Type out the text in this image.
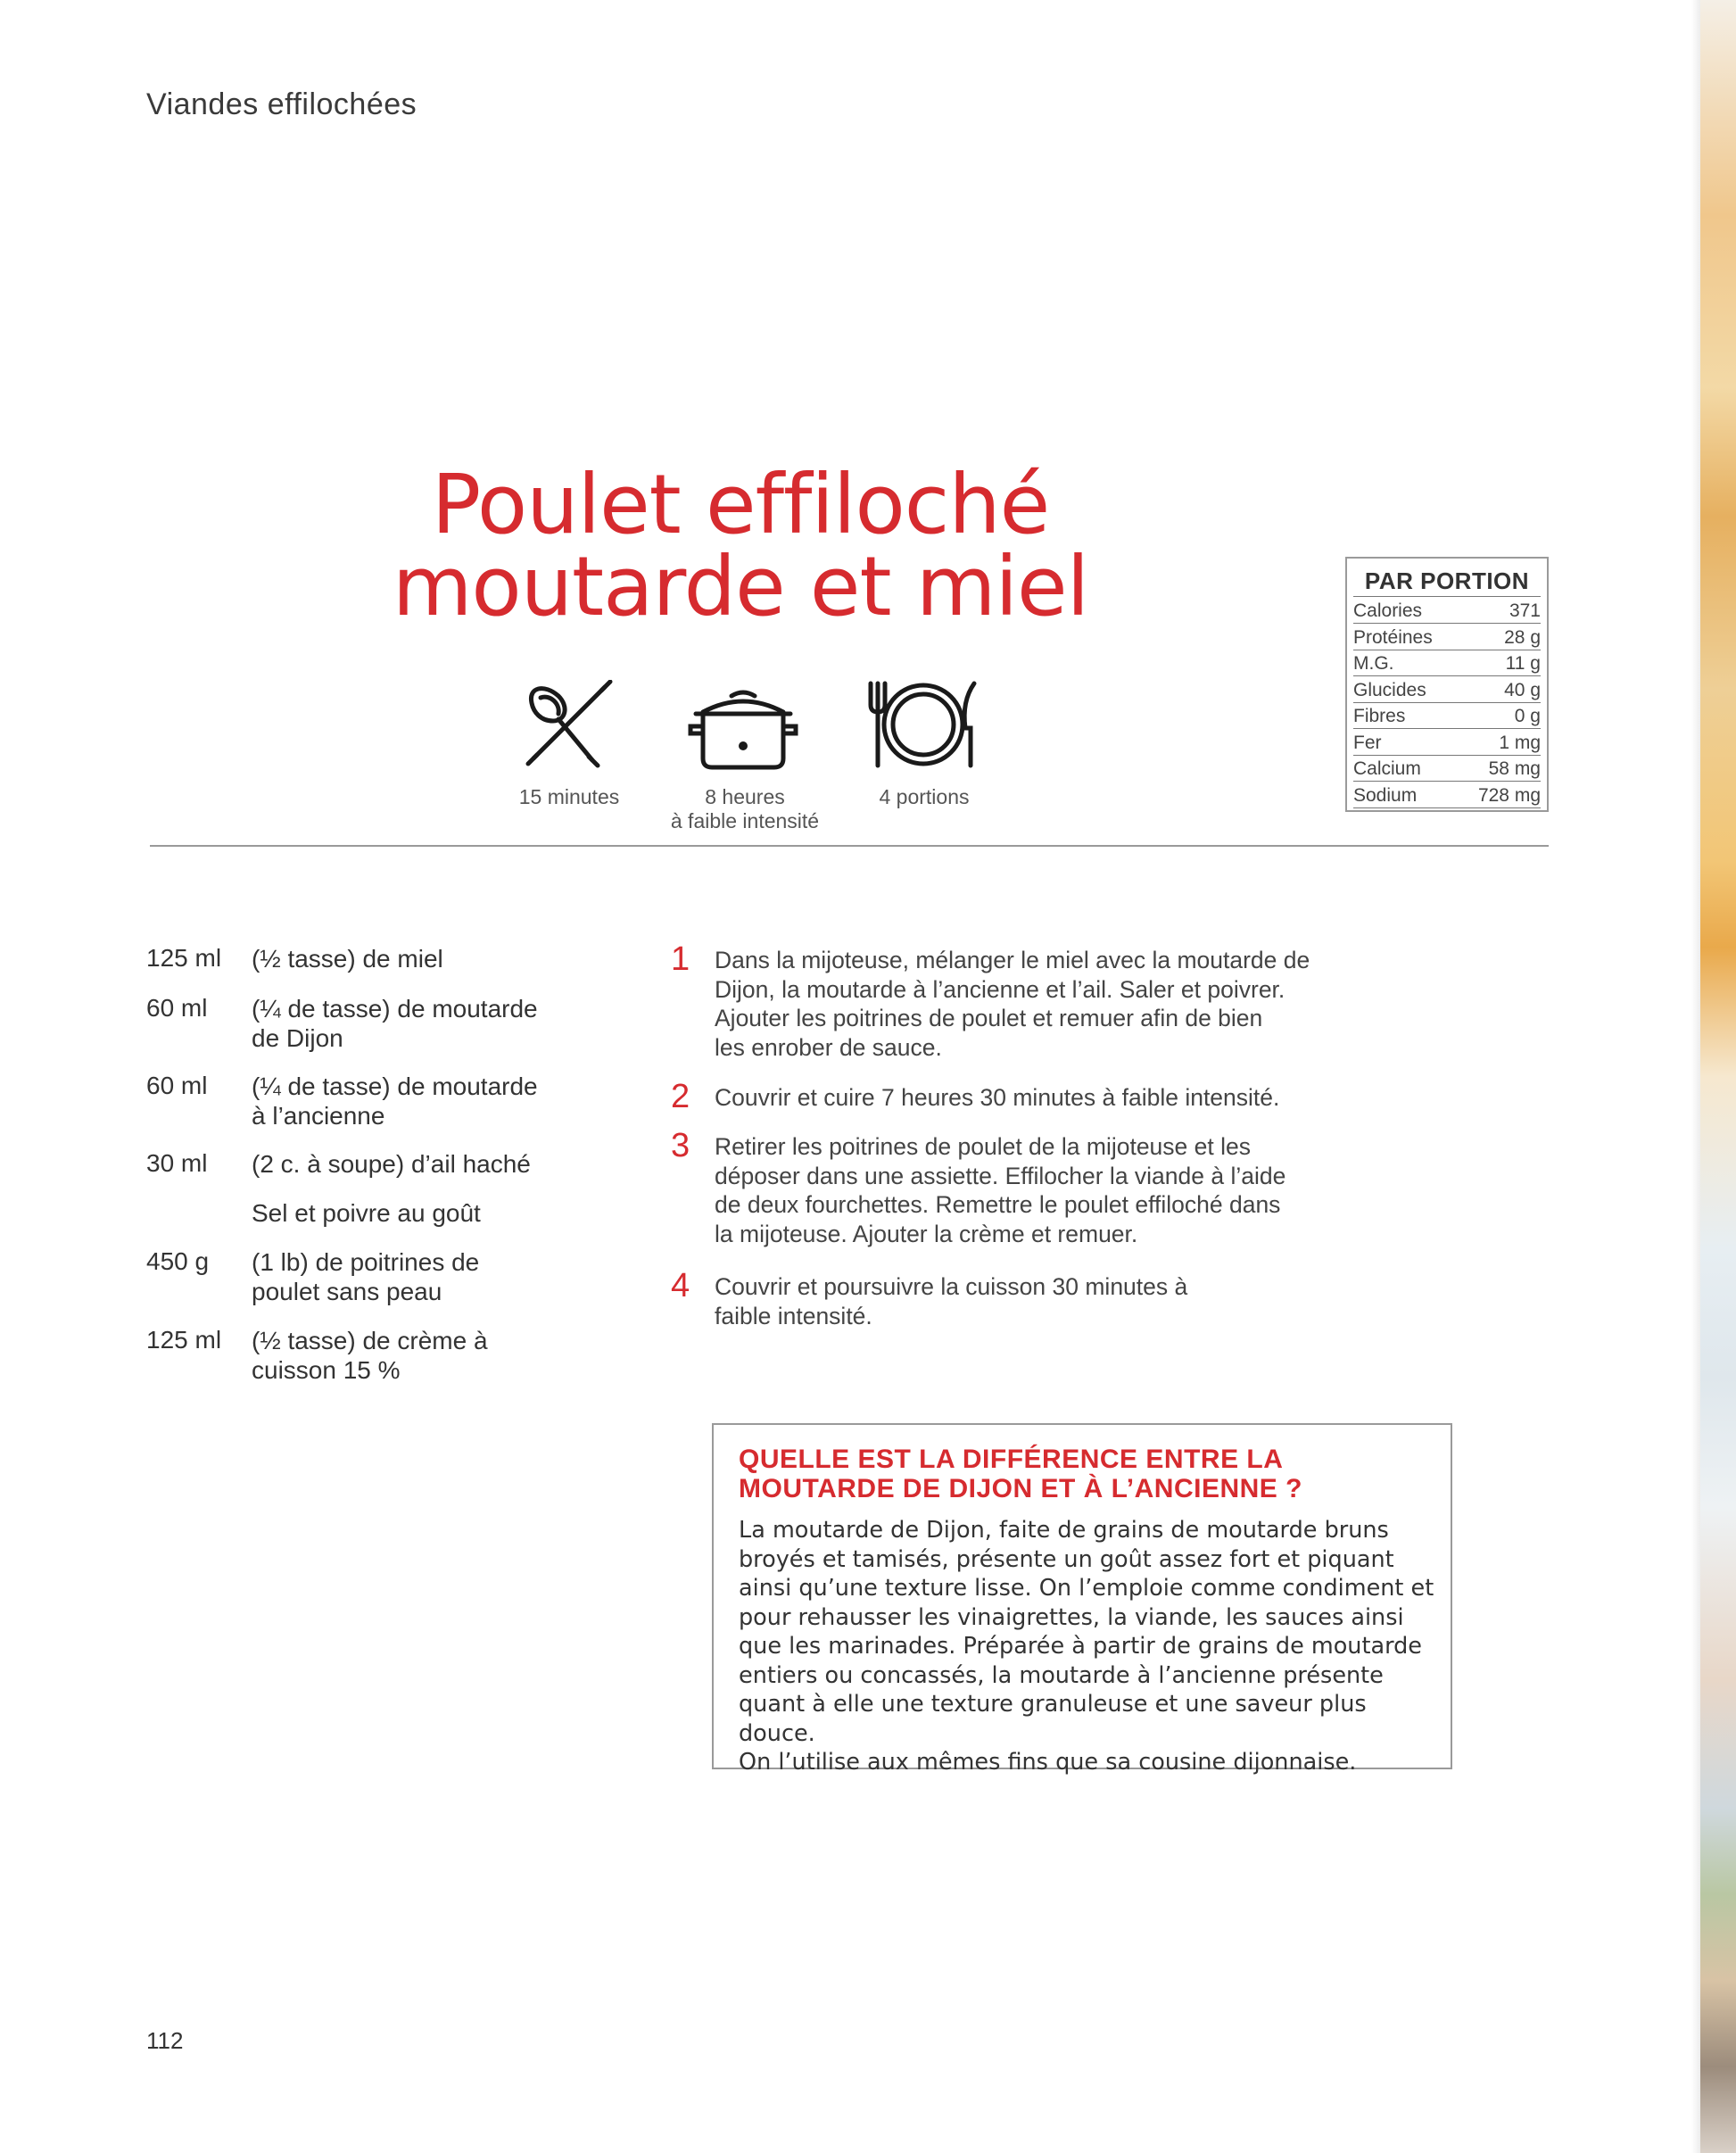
Viandes effilochées
Poulet effiloché
moutarde et miel
15 minutes	8 heures
à faible intensité
4 portions
PAR PORTION
Calories	371
Protéines	28 g
M.G.	11 g
Glucides	40 g
Fibres	0 g
Fer	1 mg
Calcium	58 mg
Sodium	728 mg
125 ml (½ tasse) de miel
60 ml (¼ de tasse) de moutarde
de Dijon
60 ml (¼ de tasse) de moutarde
à l’ancienne
30 ml (2 c. à soupe) d’ail haché
Sel et poivre au goût
450 g (1 lb) de poitrines de
poulet sans peau
125 ml (½ tasse) de crème à
cuisson 15 %
1 Dans la mijoteuse, mélanger le miel avec la moutarde de
Dijon, la moutarde à l’ancienne et l’ail. Saler et poivrer.
Ajouter les poitrines de poulet et remuer afin de bien
les enrober de sauce.
2 Couvrir et cuire 7 heures 30 minutes à faible intensité.
3 Retirer les poitrines de poulet de la mijoteuse et les
déposer dans une assiette. Effilocher la viande à l’aide
de deux fourchettes. Remettre le poulet effiloché dans
la mijoteuse. Ajouter la crème et remuer.
4 Couvrir et poursuivre la cuisson 30 minutes à
faible intensité.
QUELLE EST LA DIFFÉRENCE ENTRE LA
MOUTARDE DE DIJON ET À L’ANCIENNE ?
La moutarde de Dijon, faite de grains de moutarde bruns
broyés et tamisés, présente un goût assez fort et piquant
ainsi qu’une texture lisse. On l’emploie comme condiment et
pour rehausser les vinaigrettes, la viande, les sauces ainsi
que les marinades. Préparée à partir de grains de moutarde
entiers ou concassés, la moutarde à l’ancienne présente
quant à elle une texture granuleuse et une saveur plus douce.
On l’utilise aux mêmes fins que sa cousine dijonnaise.
112
